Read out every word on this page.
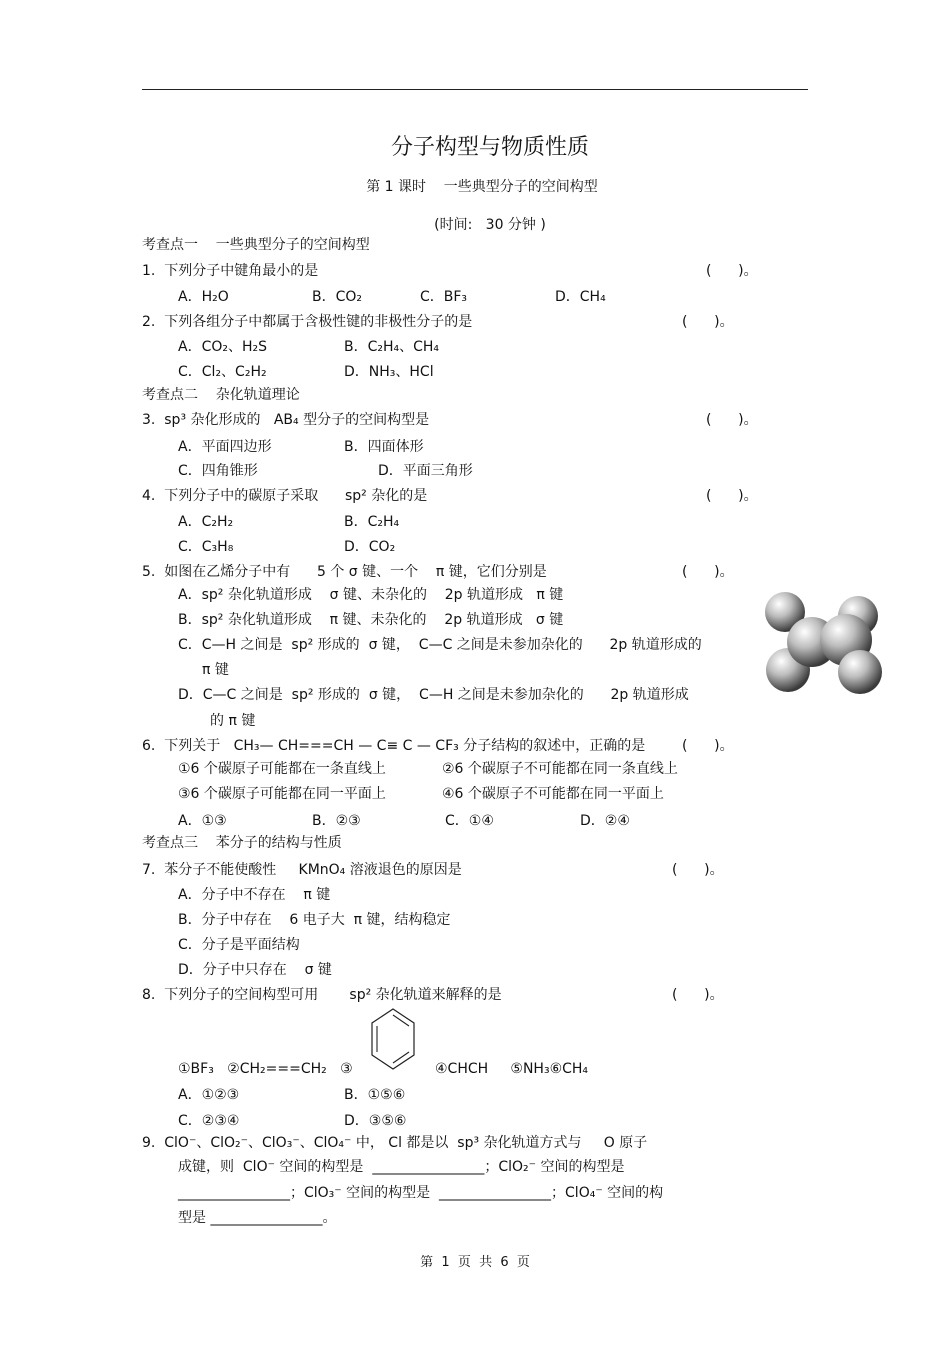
分子构型与物质性质
第 1 课时    一些典型分子的空间构型
(时间:   30 分钟 )
考查点一    一些典型分子的空间构型
1.  下列分子中键角最小的是	(      )。
A．H₂O	B．CO₂	C．BF₃	D．CH₄
2.  下列各组分子中都属于含极性键的非极性分子的是	(      )。
A．CO₂、H₂S	B．C₂H₄、CH₄
C．Cl₂、C₂H₂	D．NH₃、HCl
考查点二    杂化轨道理论
3.  sp³ 杂化形成的   AB₄ 型分子的空间构型是	(      )。
A．平面四边形	B．四面体形
C．四角锥形	D．平面三角形
4.  下列分子中的碳原子采取      sp² 杂化的是	(      )。
A．C₂H₂	B．C₂H₄
C．C₃H₈	D．CO₂
5.  如图在乙烯分子中有      5 个 σ 键、一个    π 键，它们分别是	(      )。
A．sp² 杂化轨道形成    σ 键、未杂化的    2p 轨道形成   π 键
B．sp² 杂化轨道形成    π 键、未杂化的    2p 轨道形成   σ 键
C．C—H 之间是  sp² 形成的  σ 键，  C—C 之间是未参加杂化的      2p 轨道形成的
π 键
D．C—C 之间是  sp² 形成的  σ 键，  C—H 之间是未参加杂化的      2p 轨道形成
的 π 键
6.  下列关于   CH₃— CH===CH — C≡ C — CF₃ 分子结构的叙述中，正确的是	(      )。
①6 个碳原子可能都在一条直线上	②6 个碳原子不可能都在同一条直线上
③6 个碳原子可能都在同一平面上	④6 个碳原子不可能都在同一平面上
A．①③	B．②③	C．①④	D．②④
考查点三    苯分子的结构与性质
7.  苯分子不能使酸性     KMnO₄ 溶液退色的原因是	(      )。
A．分子中不存在    π 键
B．分子中存在    6 电子大  π 键，结构稳定
C．分子是平面结构
D．分子中只存在    σ 键
8.  下列分子的空间构型可用       sp² 杂化轨道来解释的是	(      )。
①BF₃   ②CH₂===CH₂   ③	④CHCH     ⑤NH₃⑥CH₄
A．①②③	B．①⑤⑥
C．②③④	D．③⑤⑥
9.  ClO⁻、ClO₂⁻、ClO₃⁻、ClO₄⁻ 中， Cl 都是以  sp³ 杂化轨道方式与     O 原子
成键，则  ClO⁻ 空间的构型是  ________________；ClO₂⁻ 空间的构型是
________________；ClO₃⁻ 空间的构型是  ________________；ClO₄⁻ 空间的构
型是 ________________。
第  1  页  共  6  页
